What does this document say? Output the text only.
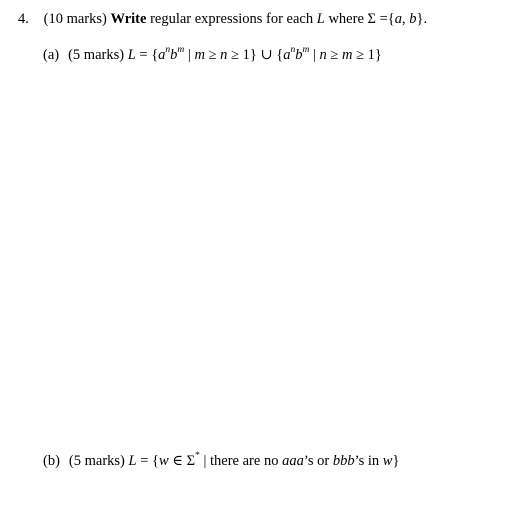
4. (10 marks) Write regular expressions for each L where Σ ={a, b}.
(a) (5 marks) $L = \{a^nb^m$ | m ≥ n ≥ 1} ∪ {$a^nb^m$ | n ≥ m ≥ 1}
(b) (5 marks) L = {w ∈ Σ* | there are no aaa’s or bbb’s in w}
